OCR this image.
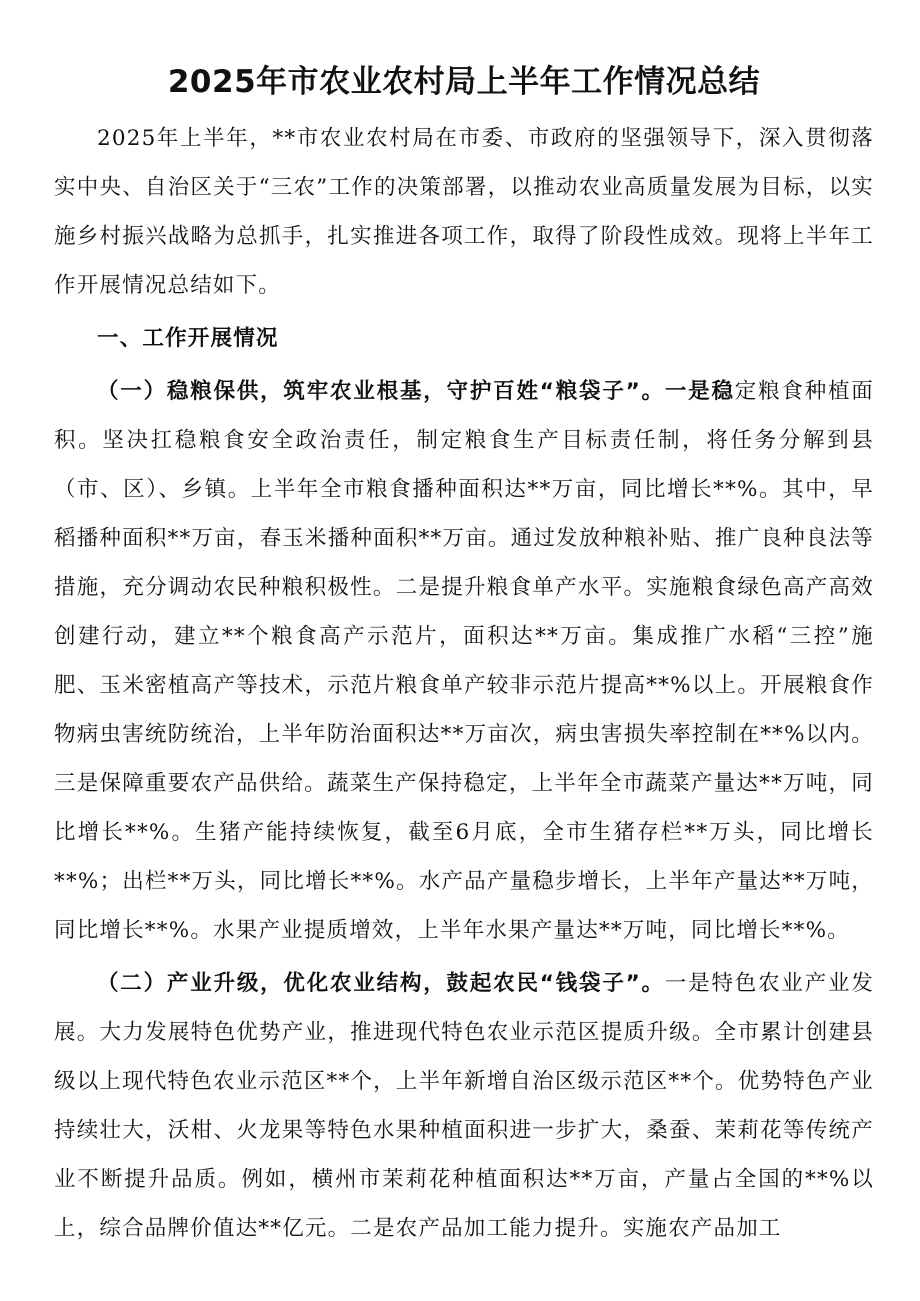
2025年市农业农村局上半年工作情况总结

2025年上半年，**市农业农村局在市委、市政府的坚强领导下，深入贯彻落实中央、自治区关于“三农”工作的决策部署，以推动农业高质量发展为目标，以实施乡村振兴战略为总抓手，扎实推进各项工作，取得了阶段性成效。现将上半年工作开展情况总结如下。

一、工作开展情况

（一）稳粮保供，筑牢农业根基，守护百姓“粮袋子”。一是稳定粮食种植面积。坚决扛稳粮食安全政治责任，制定粮食生产目标责任制，将任务分解到县（市、区）、乡镇。上半年全市粮食播种面积达**万亩，同比增长**%。其中，早稻播种面积**万亩，春玉米播种面积**万亩。通过发放种粮补贴、推广良种良法等措施，充分调动农民种粮积极性。二是提升粮食单产水平。实施粮食绿色高产高效创建行动，建立**个粮食高产示范片，面积达**万亩。集成推广水稻“三控”施肥、玉米密植高产等技术，示范片粮食单产较非示范片提高**%以上。开展粮食作物病虫害统防统治，上半年防治面积达**万亩次，病虫害损失率控制在**%以内。三是保障重要农产品供给。蔬菜生产保持稳定，上半年全市蔬菜产量达**万吨，同比增长**%。生猪产能持续恢复，截至6月底，全市生猪存栏**万头，同比增长**%；出栏**万头，同比增长**%。水产品产量稳步增长，上半年产量达**万吨，同比增长**%。水果产业提质增效，上半年水果产量达**万吨，同比增长**%。

（二）产业升级，优化农业结构，鼓起农民“钱袋子”。一是特色农业产业发展。大力发展特色优势产业，推进现代特色农业示范区提质升级。全市累计创建县级以上现代特色农业示范区**个，上半年新增自治区级示范区**个。优势特色产业持续壮大，沃柑、火龙果等特色水果种植面积进一步扩大，桑蚕、茉莉花等传统产业不断提升品质。例如，横州市茉莉花种植面积达**万亩，产量占全国的**%以上，综合品牌价值达**亿元。二是农产品加工能力提升。实施农产品加工
